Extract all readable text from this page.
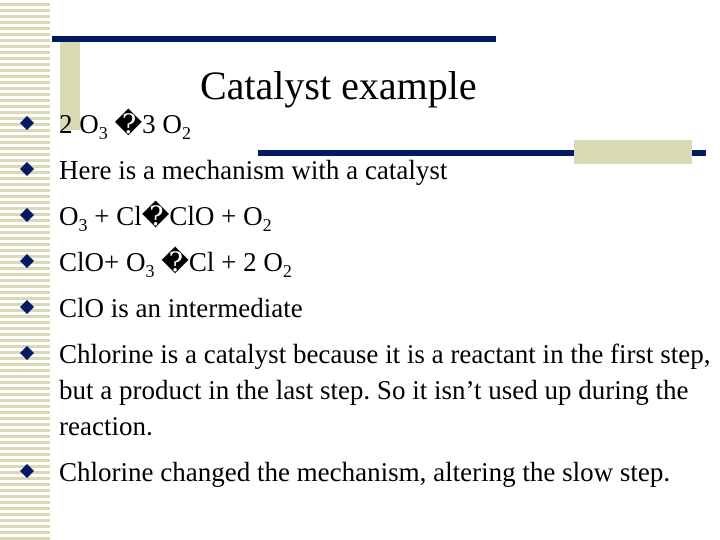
Catalyst example
2 $O_3$ �3 $O_2$
Here is a mechanism with a catalyst
$O_3$ + Cl�ClO + $O_2$
$ClO+ O_3$ �Cl + 2 $O_2$
ClO is an intermediate
Chlorine is a catalyst because it is a reactant in the first step, but a product in the last step. So it isn’t used up during the reaction.
Chlorine changed the mechanism, altering the slow step.
